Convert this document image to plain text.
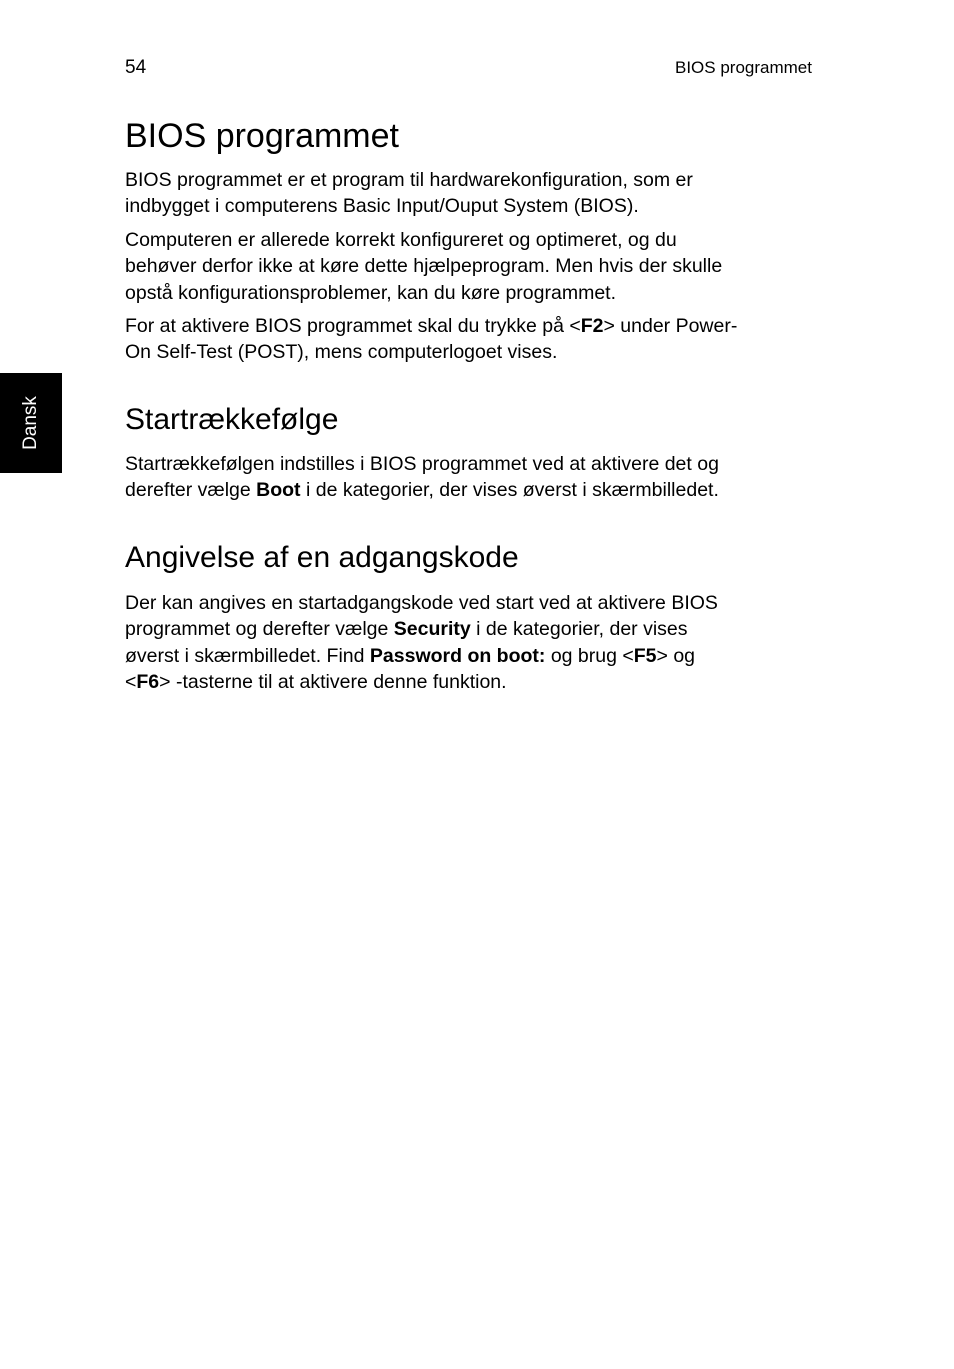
54	BIOS programmet
Dansk
BIOS programmet

BIOS programmet er et program til hardwarekonfiguration, som er
indbygget i computerens Basic Input/Ouput System (BIOS).

Computeren er allerede korrekt konfigureret og optimeret, og du
behøver derfor ikke at køre dette hjælpeprogram. Men hvis der skulle
opstå konfigurationsproblemer, kan du køre programmet.

For at aktivere BIOS programmet skal du trykke på <F2> under Power-
On Self-Test (POST), mens computerlogoet vises.

Startrækkefølge

Startrækkefølgen indstilles i BIOS programmet ved at aktivere det og
derefter vælge Boot i de kategorier, der vises øverst i skærmbilledet.

Angivelse af en adgangskode

Der kan angives en startadgangskode ved start ved at aktivere BIOS
programmet og derefter vælge Security i de kategorier, der vises
øverst i skærmbilledet. Find Password on boot: og brug <F5> og
<F6> -tasterne til at aktivere denne funktion.
